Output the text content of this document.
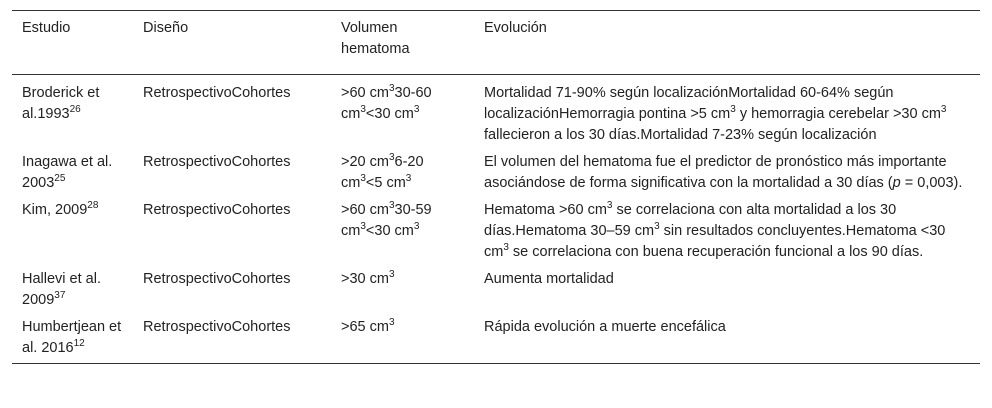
Estudio	Diseño	Volumen hematoma	Evolución
Broderick et al.1993$^{26}$	RetrospectivoCohortes	>60 $cm^330-60$ $cm^3<30$ $cm^3$	Mortalidad 71-90% según localizaciónMortalidad 60-64% según localizaciónHemorragia pontina >5 $cm^3$ y hemorragia cerebelar >30 $cm^3$ fallecieron a los 30 días.Mortalidad 7-23% según localización
Inagawa et al. 2003$^{25}$	RetrospectivoCohortes	>20 $cm^36-20$ $cm^3<5$ $cm^3$	El volumen del hematoma fue el predictor de pronóstico más importante asociándose de forma significativa con la mortalidad a 30 días (p = 0,003).
Kim, 2009$^{28}$	RetrospectivoCohortes	>60 $cm^330-59$ $cm^3<30$ $cm^3$	Hematoma >60 $cm^3$ se correlaciona con alta mortalidad a los 30 días.Hematoma 30–59 $cm^3$ sin resultados concluyentes.Hematoma <30 $cm^3$ se correlaciona con buena recuperación funcional a los 90 días.
Hallevi et al. 2009$^{37}$	RetrospectivoCohortes	>30 $cm^3$	Aumenta mortalidad
Humbertjean et al. 2016$^{12}$	RetrospectivoCohortes	>65 $cm^3$	Rápida evolución a muerte encefálica
